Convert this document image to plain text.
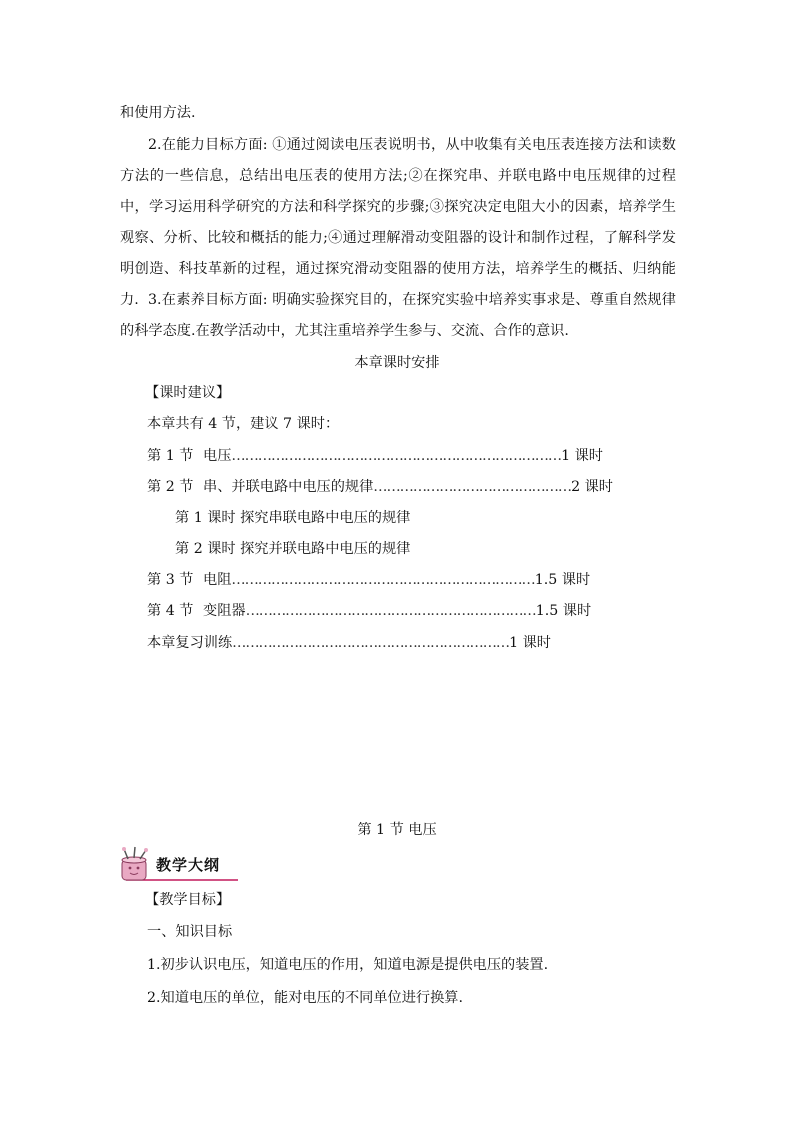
和使用方法.

2.在能力目标方面: ①通过阅读电压表说明书，从中收集有关电压表连接方法和读数方法的一些信息，总结出电压表的使用方法;②在探究串、并联电路中电压规律的过程中，学习运用科学研究的方法和科学探究的步骤;③探究决定电阻大小的因素，培养学生观察、分析、比较和概括的能力;④通过理解滑动变阻器的设计和制作过程，了解科学发明创造、科技革新的过程，通过探究滑动变阻器的使用方法，培养学生的概括、归纳能力. 3.在素养目标方面: 明确实验探究目的，在探究实验中培养实事求是、尊重自然规律的科学态度.在教学活动中，尤其注重培养学生参与、交流、合作的意识.

本章课时安排

【课时建议】

本章共有 4 节，建议 7 课时：

第 1 节 电压 ………………………………………………………………… 1 课时
第 2 节 串、并联电路中电压的规律 ……………………………………… 2 课时

第 1 课时 探究串联电路中电压的规律

第 2 课时 探究并联电路中电压的规律

第 3 节 电阻 …………………………………………………………… 1.5 课时
第 4 节 变阻器 ………………………………………………………… 1.5 课时
本章复习训练 ……………………………………………………… 1 课时

第 1 节 电压

教学大纲

【教学目标】

一、知识目标

1.初步认识电压，知道电压的作用，知道电源是提供电压的装置.

2.知道电压的单位，能对电压的不同单位进行换算.
